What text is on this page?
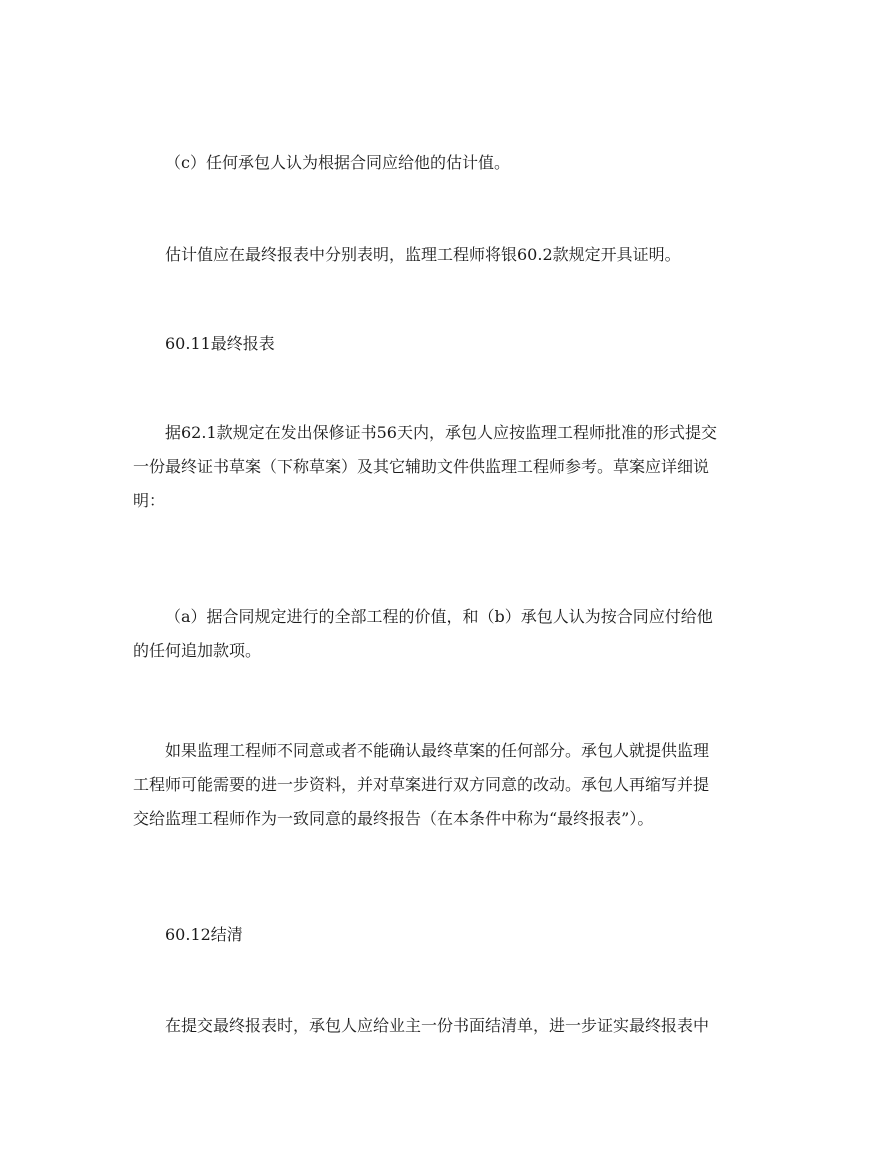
（c）任何承包人认为根据合同应给他的估计值。

估计值应在最终报表中分别表明，监理工程师将银60.2款规定开具证明。

60.11最终报表

据62.1款规定在发出保修证书56天内，承包人应按监理工程师批准的形式提交
一份最终证书草案（下称草案）及其它辅助文件供监理工程师参考。草案应详细说
明：

（a）据合同规定进行的全部工程的价值，和（b）承包人认为按合同应付给他
的任何追加款项。

如果监理工程师不同意或者不能确认最终草案的任何部分。承包人就提供监理
工程师可能需要的进一步资料，并对草案进行双方同意的改动。承包人再缩写并提
交给监理工程师作为一致同意的最终报告（在本条件中称为“最终报表”）。

60.12结清

在提交最终报表时，承包人应给业主一份书面结清单，进一步证实最终报表中
